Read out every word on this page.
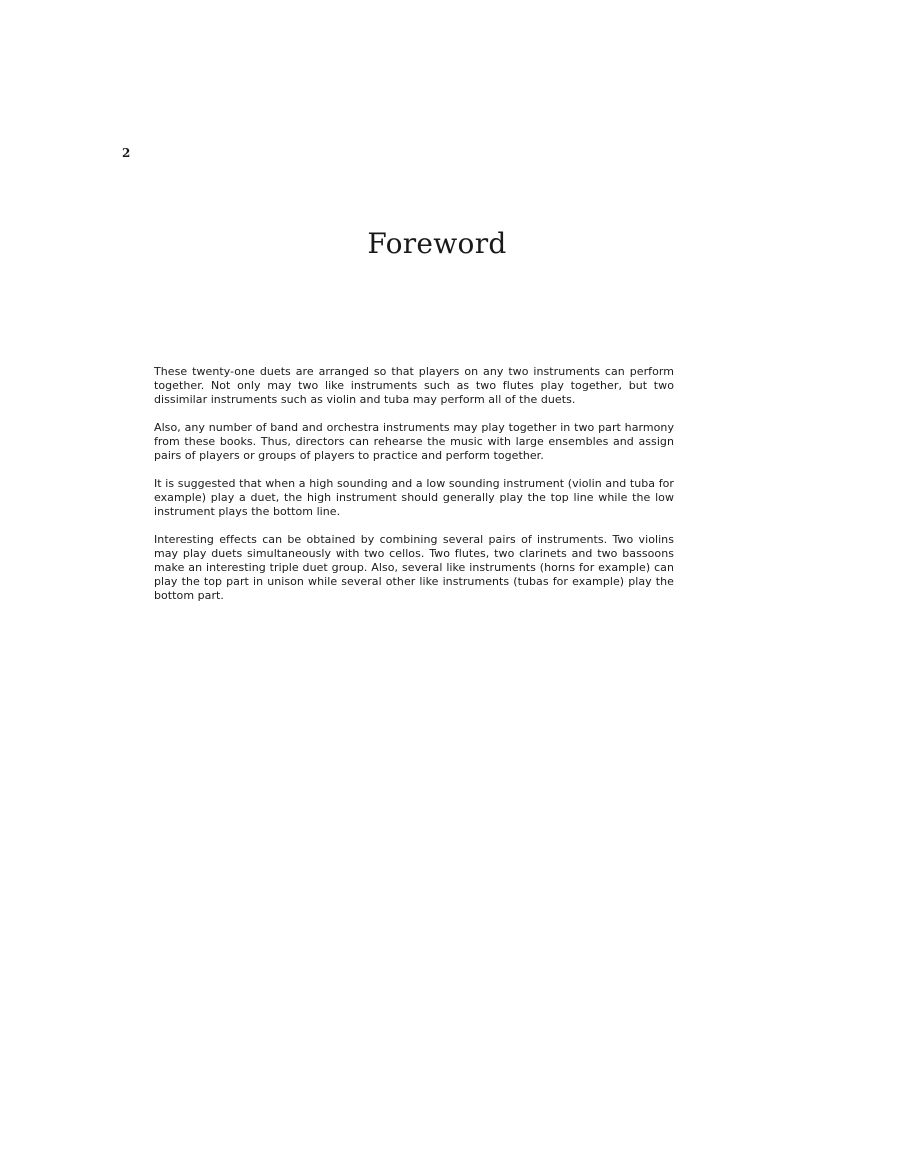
2
Foreword

These twenty-one duets are arranged so that players on any two instruments can perform together. Not only may two like instruments such as two flutes play together, but two dissimilar instruments such as violin and tuba may perform all of the duets.

Also, any number of band and orchestra instruments may play together in two part harmony from these books. Thus, directors can rehearse the music with large ensembles and assign pairs of players or groups of players to practice and perform together.

It is suggested that when a high sounding and a low sounding instrument (violin and tuba for example) play a duet, the high instrument should generally play the top line while the low instrument plays the bottom line.

Interesting effects can be obtained by combining several pairs of instruments. Two violins may play duets simultaneously with two cellos. Two flutes, two clarinets and two bassoons make an interesting triple duet group. Also, several like instruments (horns for example) can play the top part in unison while several other like instruments (tubas for example) play the bottom part.
